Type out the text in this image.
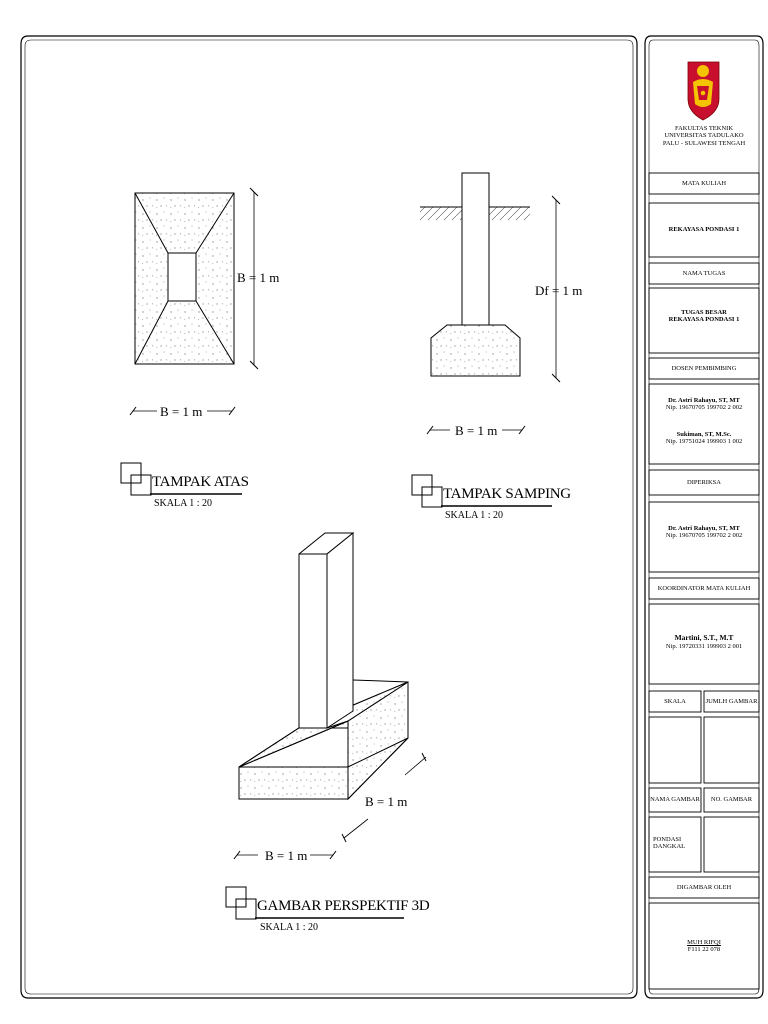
B = 1 m
B = 1 m
TAMPAK ATAS
SKALA 1 : 20
Df = 1 m
B = 1 m
TAMPAK SAMPING
SKALA 1 : 20
B = 1 m
B = 1 m
GAMBAR PERSPEKTIF 3D
SKALA 1 : 20
FAKULTAS TEKNIK
UNIVERSITAS TADULAKO
PALU - SULAWESI TENGAH
MATA KULIAH
REKAYASA PONDASI 1
NAMA TUGAS
TUGAS BESAR
REKAYASA PONDASI 1
DOSEN PEMBIMBING
Dr. Astri Rahayu, ST, MT
Nip. 19670705 199702 2 002
Sukiman, ST, M.Sc.
Nip. 19751024 199903 1 002
DIPERIKSA
Dr. Astri Rahayu, ST, MT
Nip. 19670705 199702 2 002
KOORDINATOR MATA KULIAH
Martini, S.T., M.T
Nip. 19720331 199903 2 001
SKALA	JUMLH GAMBAR
NAMA GAMBAR	NO. GAMBAR
PONDASI
DANGKAL
DIGAMBAR OLEH
MUH RIFQI
F111 22 078
